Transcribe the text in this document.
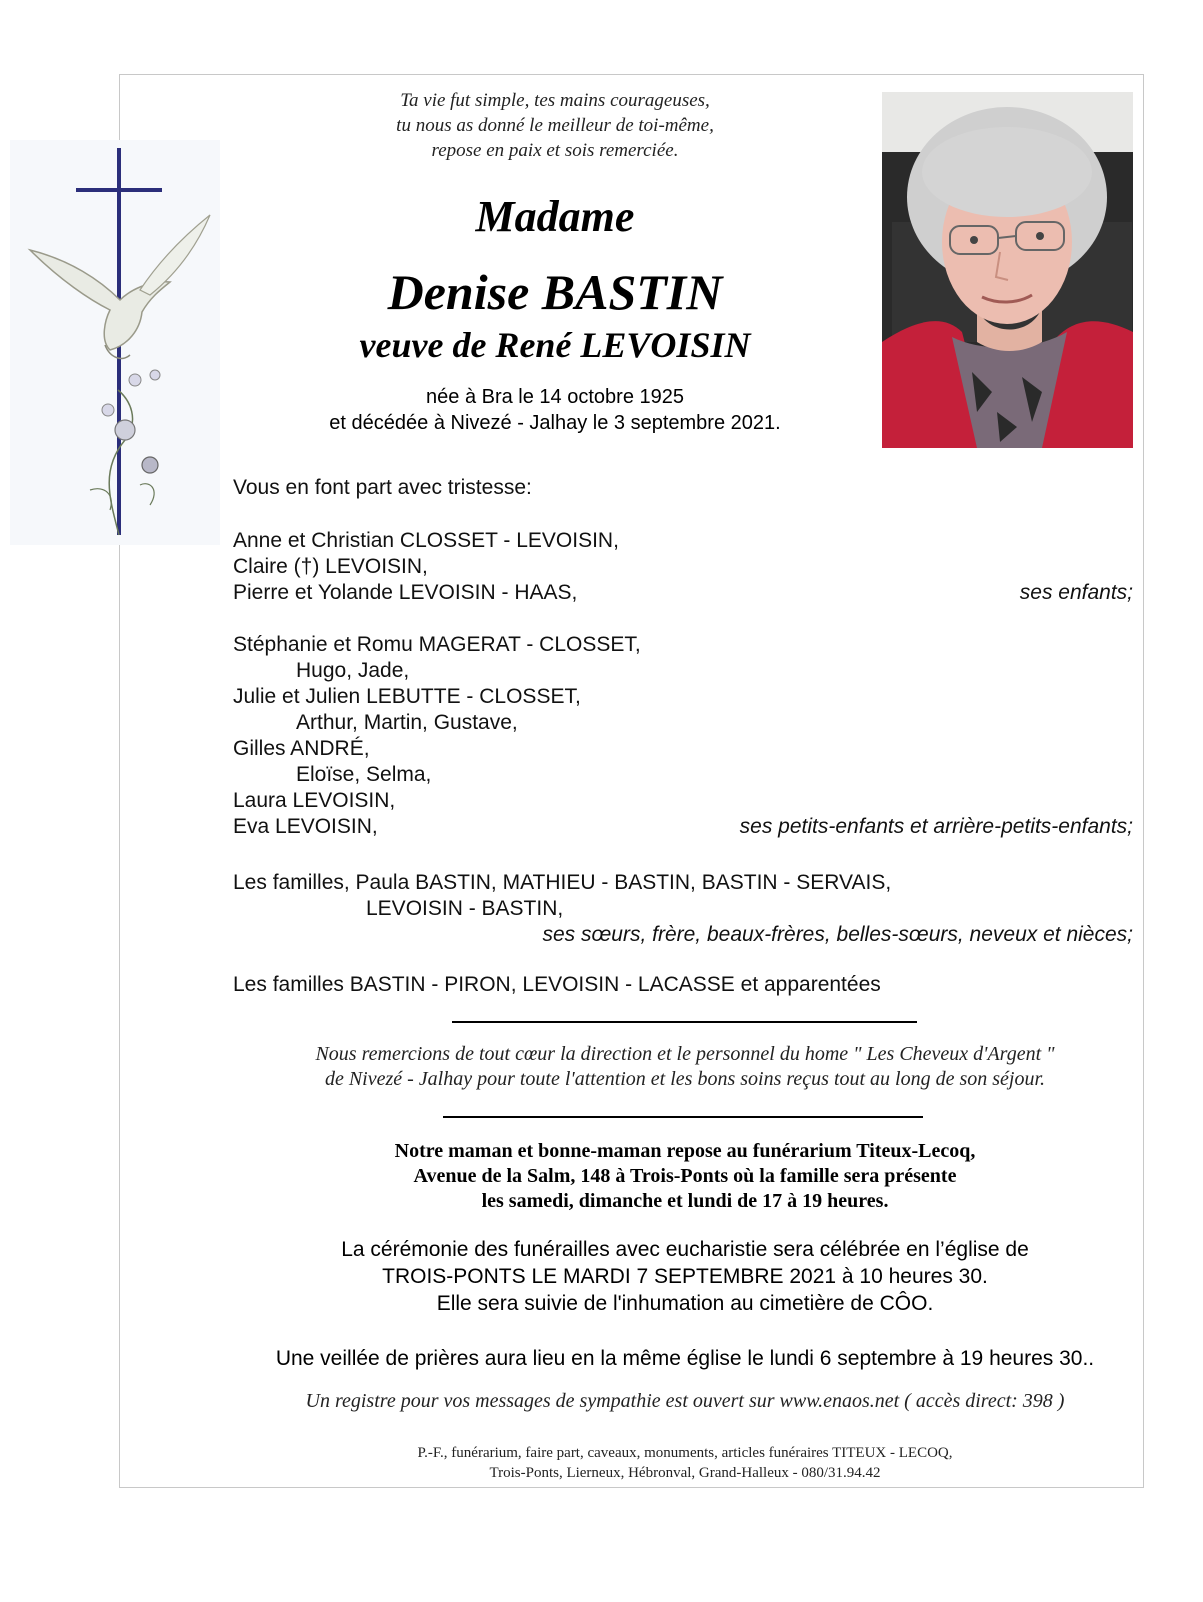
Ta vie fut simple, tes mains courageuses,
tu nous as donné le meilleur de toi-même,
repose en paix et sois remerciée.
Madame
Denise BASTIN
veuve de René LEVOISIN
née à Bra le 14 octobre 1925
et décédée à Nivezé - Jalhay le 3 septembre 2021.
Vous en font part avec tristesse:
Anne et Christian CLOSSET - LEVOISIN,
Claire (†) LEVOISIN,
Pierre et Yolande LEVOISIN - HAAS,	ses enfants;
Stéphanie et Romu MAGERAT - CLOSSET,
Hugo, Jade,
Julie et Julien LEBUTTE - CLOSSET,
Arthur, Martin, Gustave,
Gilles ANDRÉ,
Eloïse, Selma,
Laura LEVOISIN,
Eva LEVOISIN,	ses petits-enfants et arrière-petits-enfants;
Les familles, Paula BASTIN, MATHIEU - BASTIN, BASTIN - SERVAIS,
LEVOISIN - BASTIN,
ses sœurs, frère, beaux-frères, belles-sœurs, neveux et nièces;
Les familles BASTIN - PIRON, LEVOISIN - LACASSE et apparentées
Nous remercions de tout cœur la direction et le personnel du home " Les Cheveux d'Argent "
de Nivezé - Jalhay pour toute l'attention et les bons soins reçus tout au long de son séjour.
Notre maman et bonne-maman repose au funérarium Titeux-Lecoq,
Avenue de la Salm, 148 à Trois-Ponts où la famille sera présente
les samedi, dimanche et lundi de 17 à 19 heures.
La cérémonie des funérailles avec eucharistie sera célébrée en l’église de
TROIS-PONTS LE MARDI 7 SEPTEMBRE 2021 à 10 heures 30.
Elle sera suivie de l'inhumation au cimetière de CÔO.
Une veillée de prières aura lieu en la même église le lundi 6 septembre à 19 heures 30..
Un registre pour vos messages de sympathie est ouvert sur www.enaos.net ( accès direct: 398 )
P.-F., funérarium, faire part, caveaux, monuments, articles funéraires TITEUX - LECOQ,
Trois-Ponts, Lierneux, Hébronval, Grand-Halleux - 080/31.94.42
